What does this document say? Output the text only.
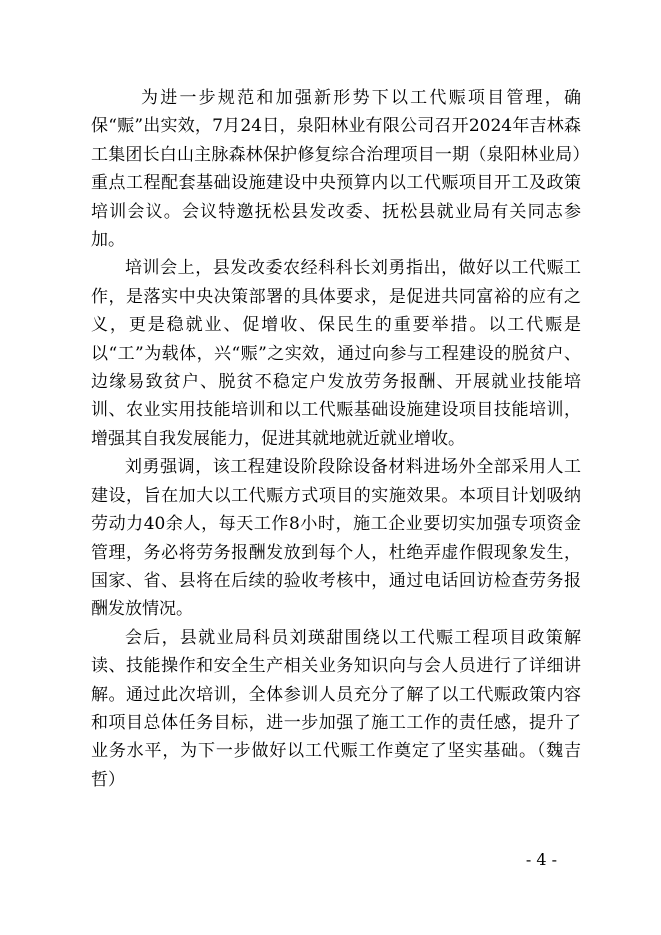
为进一步规范和加强新形势下以工代赈项目管理，确保“赈”出实效，7月24日，泉阳林业有限公司召开2024年吉林森工集团长白山主脉森林保护修复综合治理项目一期（泉阳林业局）重点工程配套基础设施建设中央预算内以工代赈项目开工及政策培训会议。会议特邀抚松县发改委、抚松县就业局有关同志参加。

培训会上，县发改委农经科科长刘勇指出，做好以工代赈工作，是落实中央决策部署的具体要求，是促进共同富裕的应有之义，更是稳就业、促增收、保民生的重要举措。以工代赈是以“工”为载体，兴“赈”之实效，通过向参与工程建设的脱贫户、边缘易致贫户、脱贫不稳定户发放劳务报酬、开展就业技能培训、农业实用技能培训和以工代赈基础设施建设项目技能培训，增强其自我发展能力，促进其就地就近就业增收。

刘勇强调，该工程建设阶段除设备材料进场外全部采用人工建设，旨在加大以工代赈方式项目的实施效果。本项目计划吸纳劳动力40余人，每天工作8小时，施工企业要切实加强专项资金管理，务必将劳务报酬发放到每个人，杜绝弄虚作假现象发生，国家、省、县将在后续的验收考核中，通过电话回访检查劳务报酬发放情况。

会后，县就业局科员刘瑛甜围绕以工代赈工程项目政策解读、技能操作和安全生产相关业务知识向与会人员进行了详细讲解。通过此次培训，全体参训人员充分了解了以工代赈政策内容和项目总体任务目标，进一步加强了施工工作的责任感，提升了业务水平，为下一步做好以工代赈工作奠定了坚实基础。（魏吉哲）

- 4 -
